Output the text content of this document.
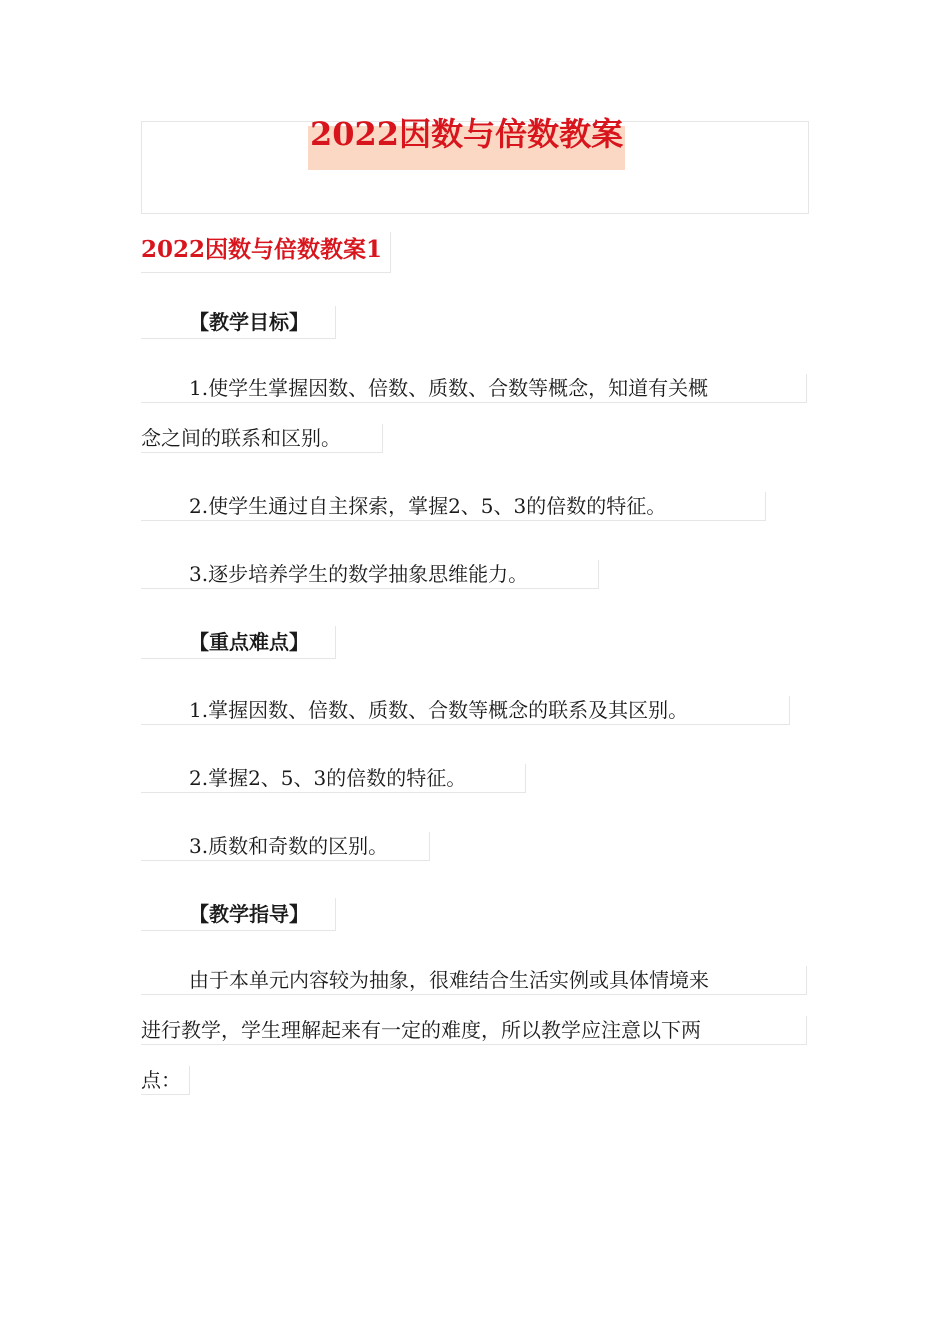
2022因数与倍数教案
2022因数与倍数教案1
【教学目标】
1.使学生掌握因数、倍数、质数、合数等概念，知道有关概
念之间的联系和区别。
2.使学生通过自主探索，掌握2、5、3的倍数的特征。
3.逐步培养学生的数学抽象思维能力。
【重点难点】
1.掌握因数、倍数、质数、合数等概念的联系及其区别。
2.掌握2、5、3的倍数的特征。
3.质数和奇数的区别。
【教学指导】
由于本单元内容较为抽象，很难结合生活实例或具体情境来
进行教学，学生理解起来有一定的难度，所以教学应注意以下两
点：
